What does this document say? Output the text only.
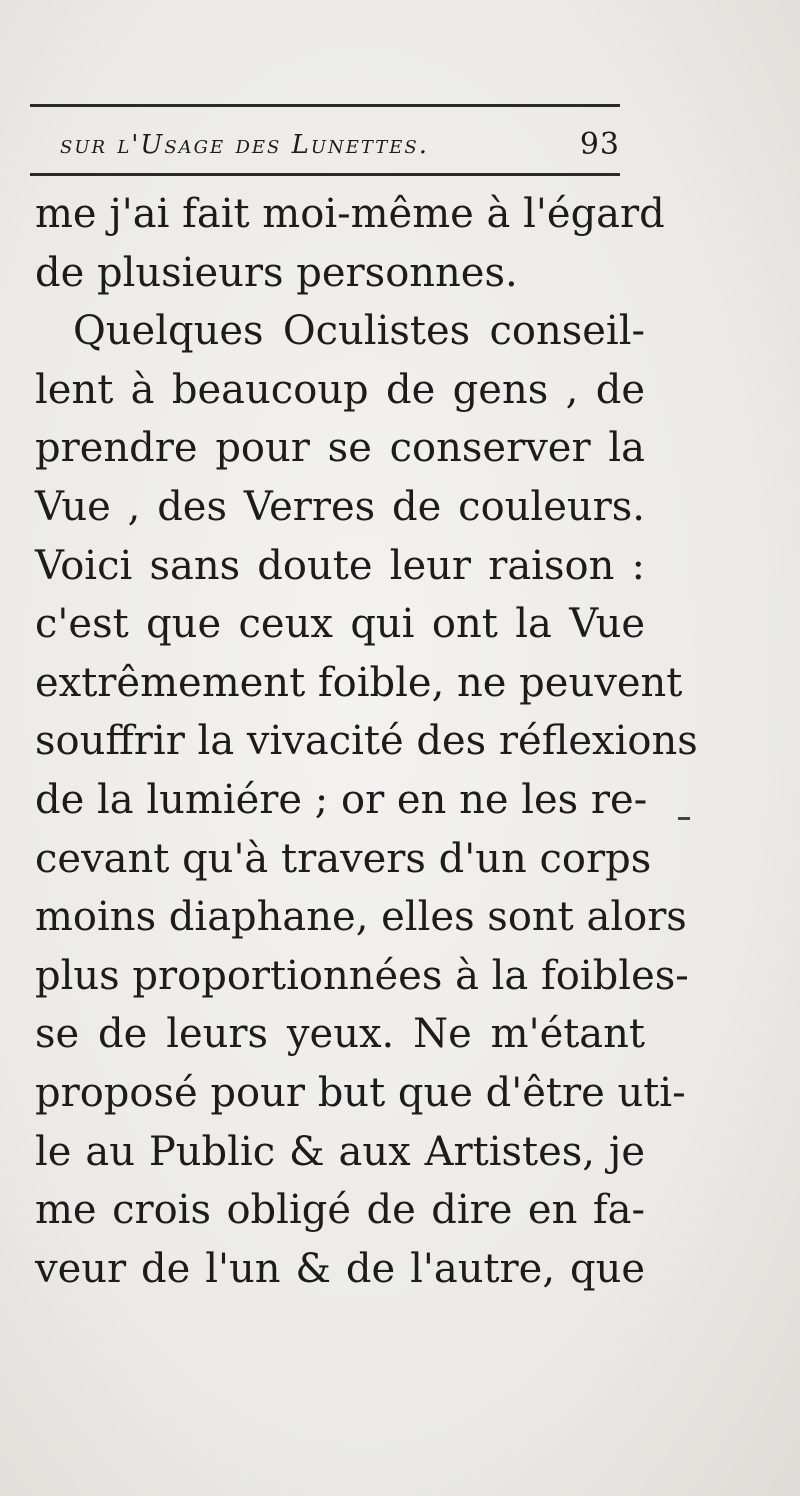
sur l'Usage des Lunettes.	93
me j'ai fait moi-même à l'égard
de plusieurs personnes.
Quelques Oculistes conseil-
lent à beaucoup de gens , de
prendre pour se conserver la
Vue , des Verres de couleurs.
Voici sans doute leur raison :
c'est que ceux qui ont la Vue
extrêmement foible, ne peuvent
souffrir la vivacité des réflexions
de la lumiére ; or en ne les re-
cevant qu'à travers d'un corps
moins diaphane, elles sont alors
plus proportionnées à la foibles-
se de leurs yeux. Ne m'étant
proposé pour but que d'être uti-
le au Public & aux Artistes, je
me crois obligé de dire en fa-
veur de l'un & de l'autre, que
